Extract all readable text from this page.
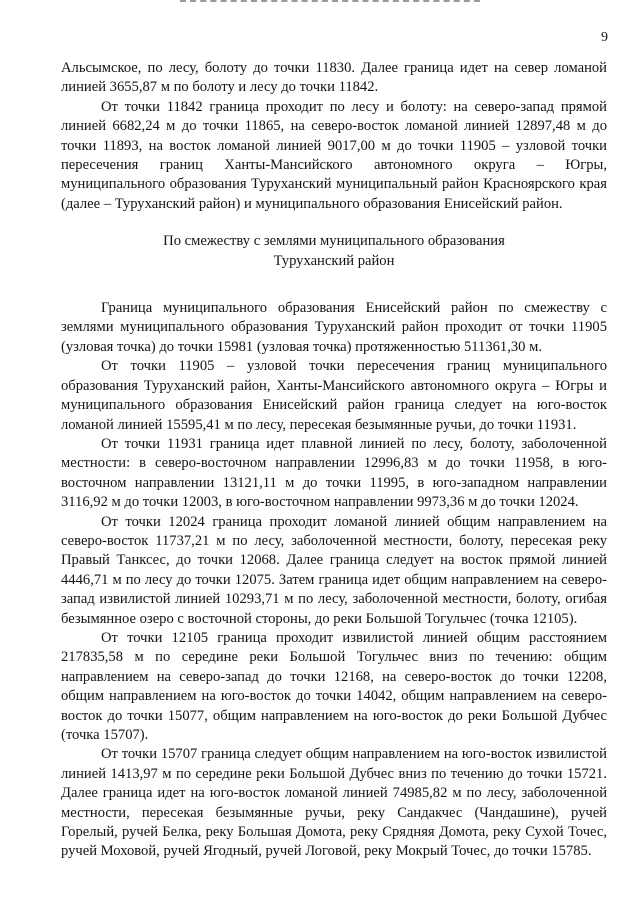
9

Альсымское, по лесу, болоту до точки 11830. Далее граница идет на север ломаной линией 3655,87 м по болоту и лесу до точки 11842.

От точки 11842 граница проходит по лесу и болоту: на северо-запад прямой линией 6682,24 м до точки 11865, на северо-восток ломаной линией 12897,48 м до точки 11893, на восток ломаной линией 9017,00 м до точки 11905 – узловой точки пересечения границ Ханты-Мансийского автономного округа – Югры, муниципального образования Туруханский муниципальный район Красноярского края (далее – Туруханский район) и муниципального образования Енисейский район.

По смежеству с землями муниципального образования
Туруханский район

Граница муниципального образования Енисейский район по смежеству с землями муниципального образования Туруханский район проходит от точки 11905 (узловая точка) до точки 15981 (узловая точка) протяженностью 511361,30 м.

От точки 11905 – узловой точки пересечения границ муниципального образования Туруханский район, Ханты-Мансийского автономного округа – Югры и муниципального образования Енисейский район граница следует на юго-восток ломаной линией 15595,41 м по лесу, пересекая безымянные ручьи, до точки 11931.

От точки 11931 граница идет плавной линией по лесу, болоту, заболоченной местности: в северо-восточном направлении 12996,83 м до точки 11958, в юго-восточном направлении 13121,11 м до точки 11995, в юго-западном направлении 3116,92 м до точки 12003, в юго-восточном направлении 9973,36 м до точки 12024.

От точки 12024 граница проходит ломаной линией общим направлением на северо-восток 11737,21 м по лесу, заболоченной местности, болоту, пересекая реку Правый Танксес, до точки 12068. Далее граница следует на восток прямой линией 4446,71 м по лесу до точки 12075. Затем граница идет общим направлением на северо-запад извилистой линией 10293,71 м по лесу, заболоченной местности, болоту, огибая безымянное озеро с восточной стороны, до реки Большой Тогульчес (точка 12105).

От точки 12105 граница проходит извилистой линией общим расстоянием 217835,58 м по середине реки Большой Тогульчес вниз по течению: общим направлением на северо-запад до точки 12168, на северо-восток до точки 12208, общим направлением на юго-восток до точки 14042, общим направлением на северо-восток до точки 15077, общим направлением на юго-восток до реки Большой Дубчес (точка 15707).

От точки 15707 граница следует общим направлением на юго-восток извилистой линией 1413,97 м по середине реки Большой Дубчес вниз по течению до точки 15721. Далее граница идет на юго-восток ломаной линией 74985,82 м по лесу, заболоченной местности, пересекая безымянные ручьи, реку Сандакчес (Чандашине), ручей Горелый, ручей Белка, реку Большая Домота, реку Срядняя Домота, реку Сухой Точес, ручей Моховой, ручей Ягодный, ручей Логовой, реку Мокрый Точес, до точки 15785.
